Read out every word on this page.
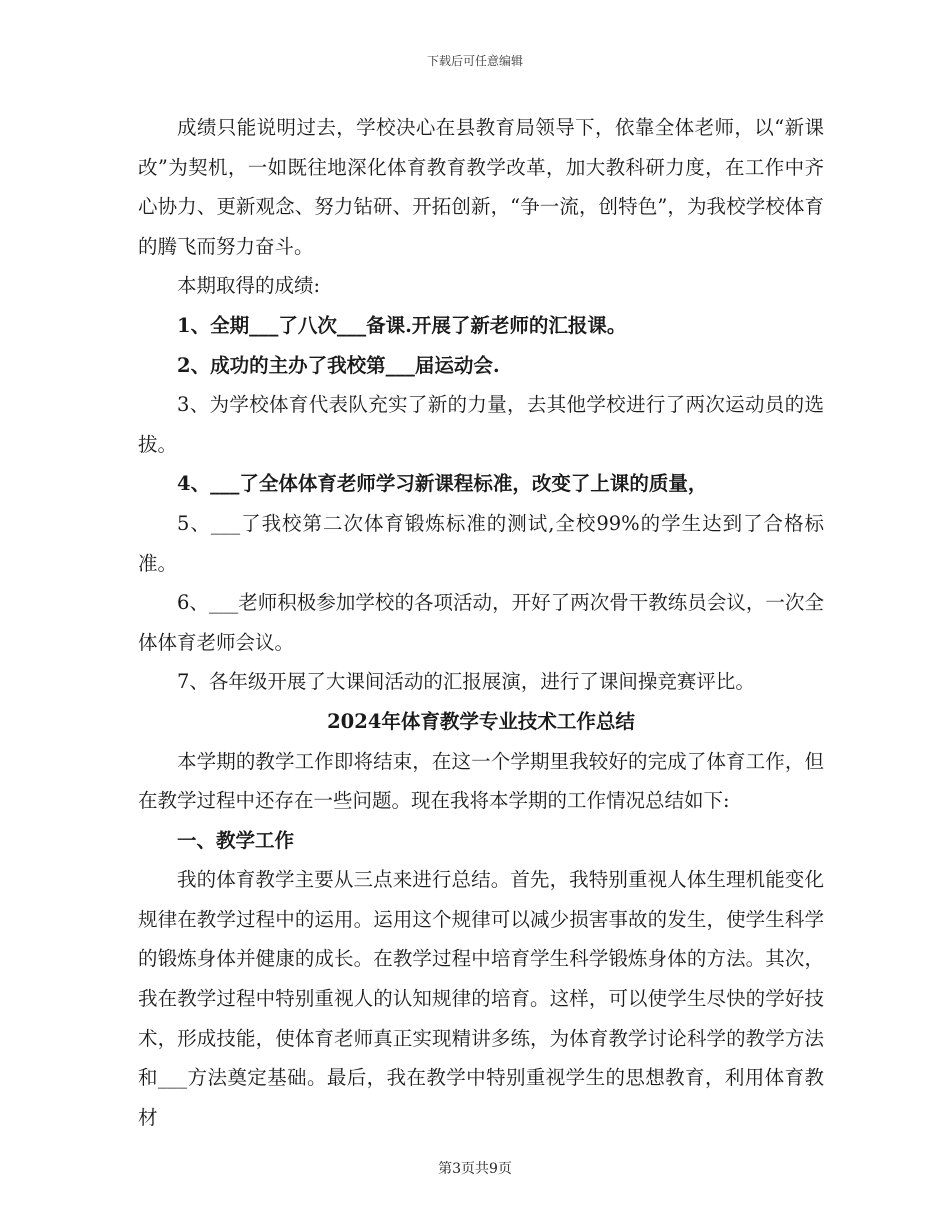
下载后可任意编辑

成绩只能说明过去，学校决心在县教育局领导下，依靠全体老师，以“新课改”为契机，一如既往地深化体育教育教学改革，加大教科研力度，在工作中齐心协力、更新观念、努力钻研、开拓创新，“争一流，创特色”，为我校学校体育的腾飞而努力奋斗。

本期取得的成绩:

1、全期___了八次___备课.开展了新老师的汇报课。

2、成功的主办了我校第___届运动会.

3、为学校体育代表队充实了新的力量，去其他学校进行了两次运动员的选拔。

4、___了全体体育老师学习新课程标准，改变了上课的质量，

5、___了我校第二次体育锻炼标准的测试,全校99%的学生达到了合格标准。

6、___老师积极参加学校的各项活动，开好了两次骨干教练员会议，一次全体体育老师会议。

7、各年级开展了大课间活动的汇报展演，进行了课间操竞赛评比。

2024年体育教学专业技术工作总结

本学期的教学工作即将结束，在这一个学期里我较好的完成了体育工作，但在教学过程中还存在一些问题。现在我将本学期的工作情况总结如下:

一、教学工作

我的体育教学主要从三点来进行总结。首先，我特别重视人体生理机能变化规律在教学过程中的运用。运用这个规律可以减少损害事故的发生，使学生科学的锻炼身体并健康的成长。在教学过程中培育学生科学锻炼身体的方法。其次，我在教学过程中特别重视人的认知规律的培育。这样，可以使学生尽快的学好技术，形成技能，使体育老师真正实现精讲多练，为体育教学讨论科学的教学方法和___方法奠定基础。最后，我在教学中特别重视学生的思想教育，利用体育教材

第3页共9页
